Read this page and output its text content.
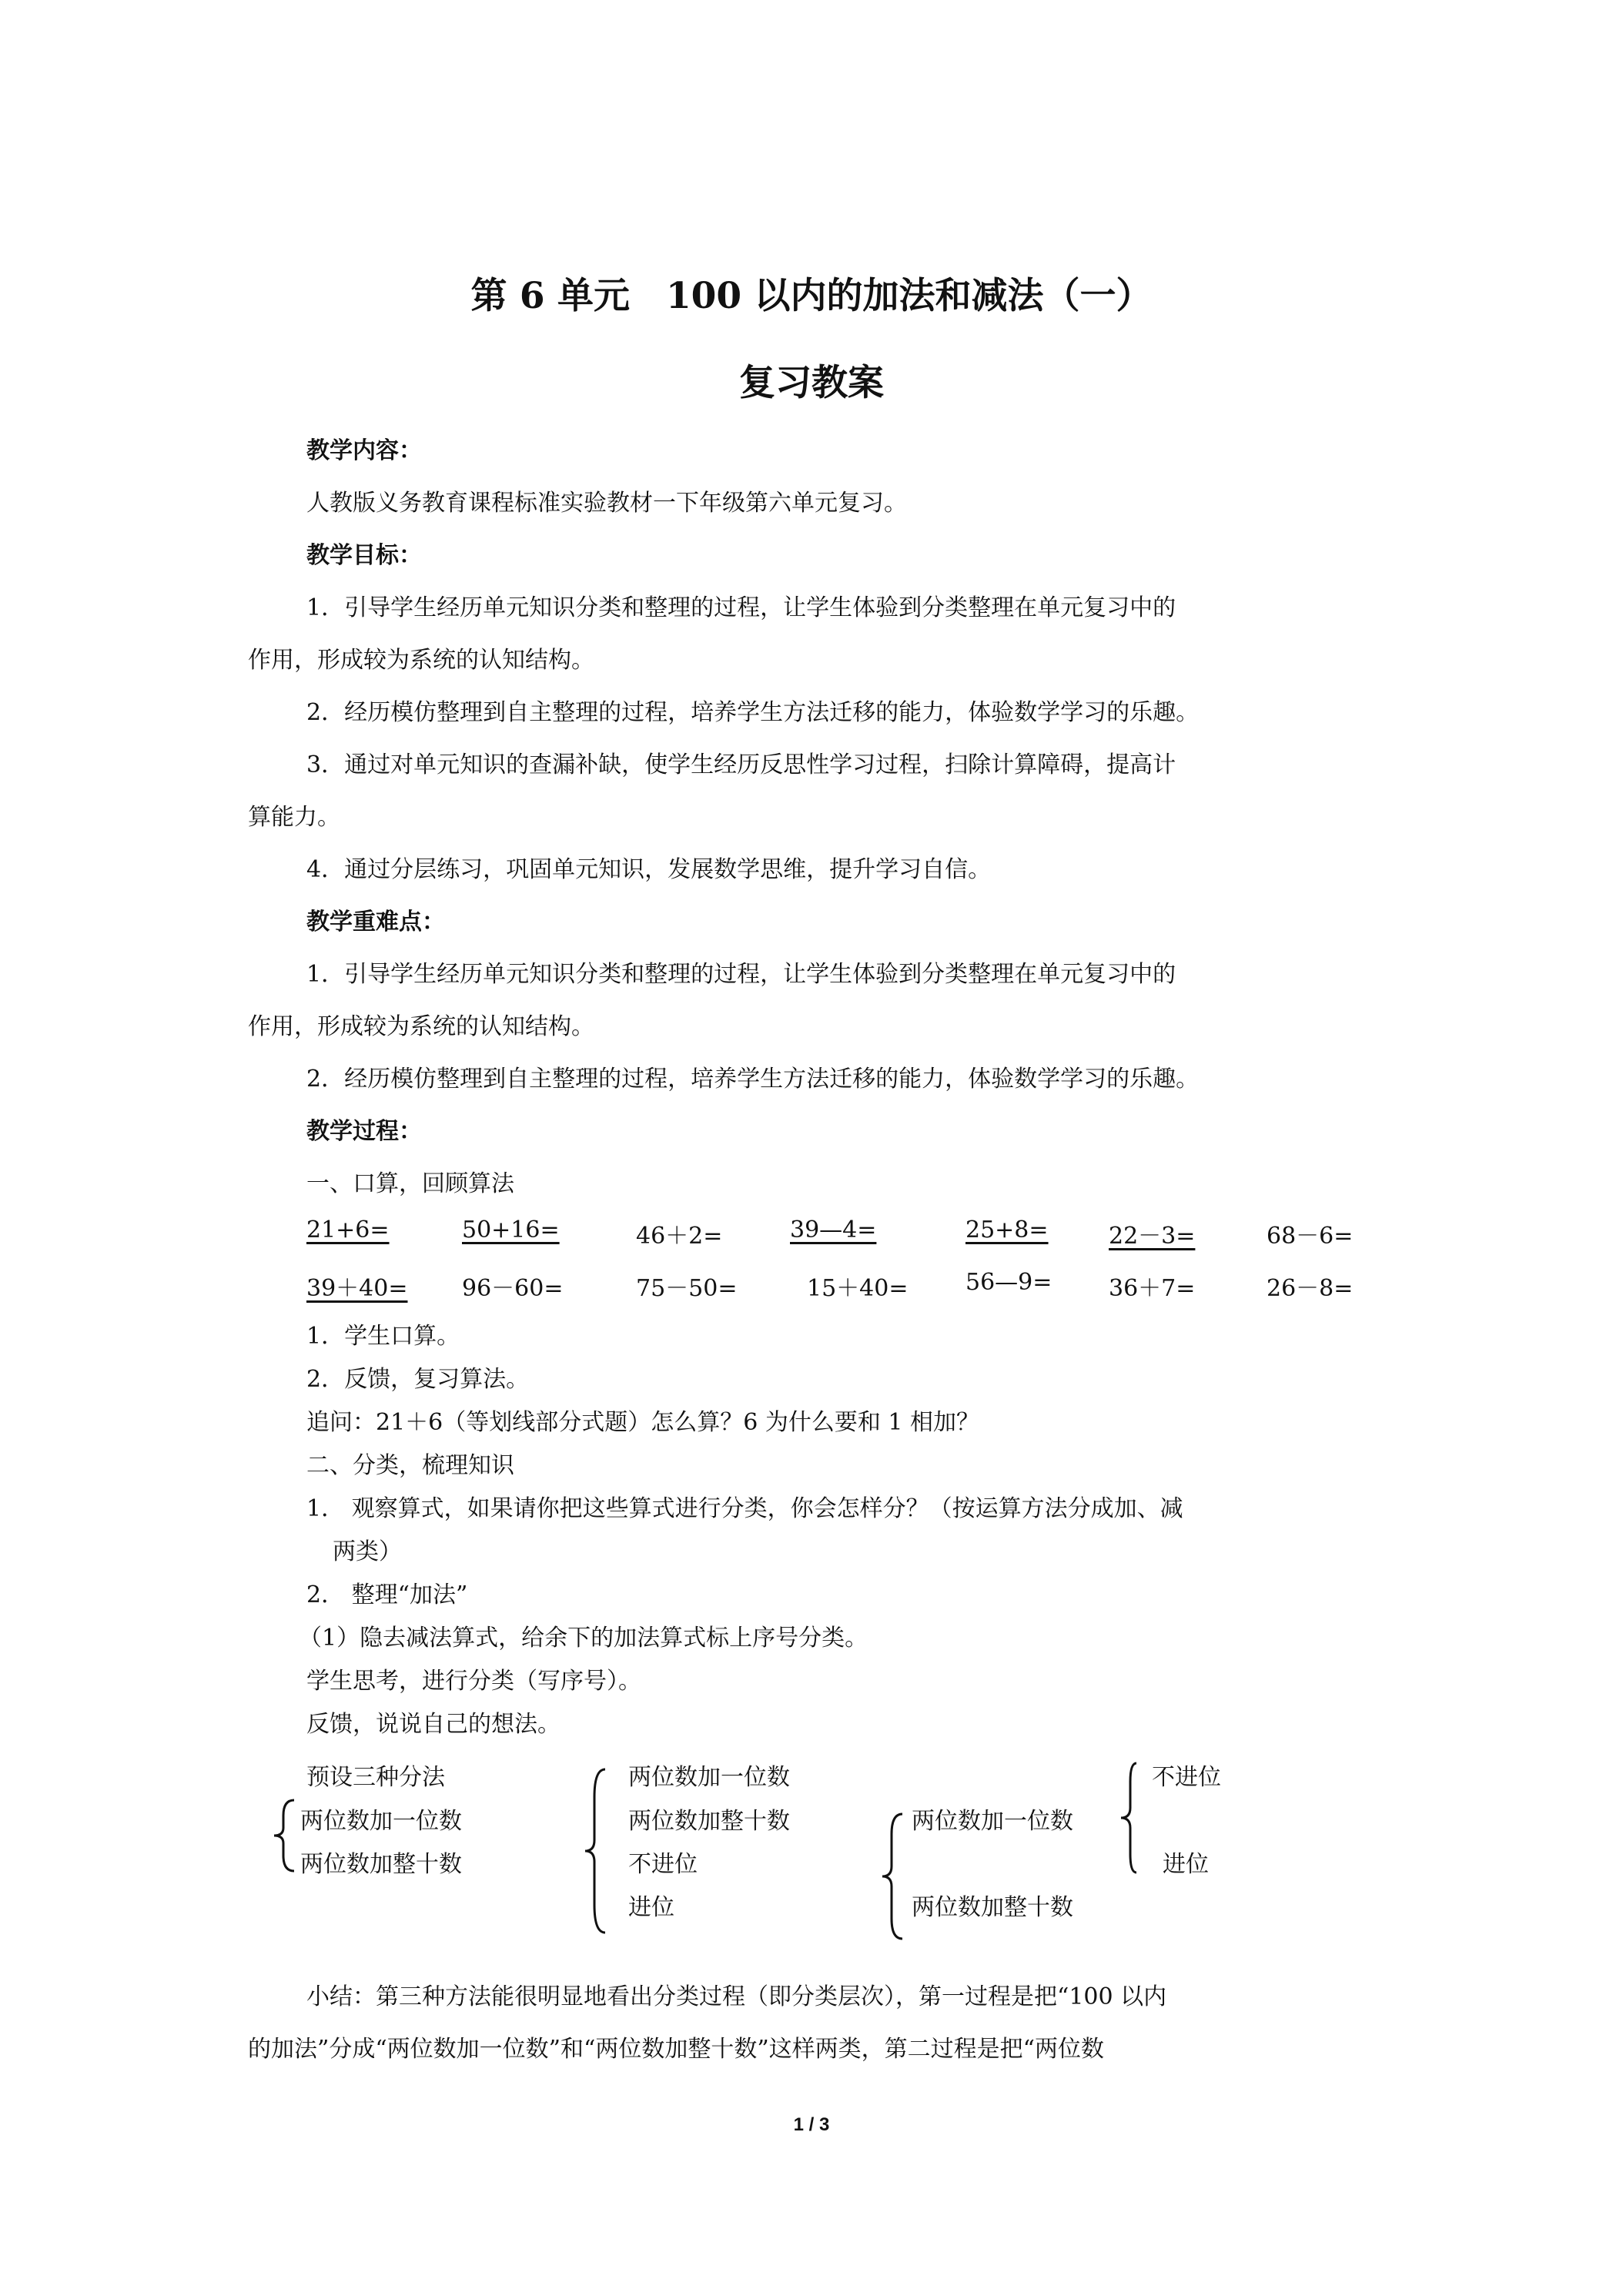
第 6 单元　100 以内的加法和减法（一）
复习教案
教学内容：
人教版义务教育课程标准实验教材一下年级第六单元复习。
教学目标：
1．引导学生经历单元知识分类和整理的过程，让学生体验到分类整理在单元复习中的
作用，形成较为系统的认知结构。
2．经历模仿整理到自主整理的过程，培养学生方法迁移的能力，体验数学学习的乐趣。
3．通过对单元知识的查漏补缺，使学生经历反思性学习过程，扫除计算障碍，提高计
算能力。
4．通过分层练习，巩固单元知识，发展数学思维，提升学习自信。
教学重难点：
1．引导学生经历单元知识分类和整理的过程，让学生体验到分类整理在单元复习中的
作用，形成较为系统的认知结构。
2．经历模仿整理到自主整理的过程，培养学生方法迁移的能力，体验数学学习的乐趣。
教学过程：
一、口算，回顾算法
21+6=	50+16=	46＋2=	39—4=	25+8=	22－3=	68－6=
39＋40= 96－60=	75－50=	15＋40= 56—9= 36＋7=	26－8=
1．学生口算。
2．反馈，复习算法。
追问：21＋6（等划线部分式题）怎么算？6 为什么要和 1 相加？
二、分类，梳理知识
1． 观察算式，如果请你把这些算式进行分类，你会怎样分？（按运算方法分成加、减
两类）
2． 整理“加法”
（1）隐去减法算式，给余下的加法算式标上序号分类。
学生思考，进行分类（写序号）。
反馈，说说自己的想法。
预设三种分法
两位数加一位数
两位数加整十数
两位数加一位数
两位数加整十数
不进位
进位
两位数加一位数
不进位
进位
两位数加整十数
小结：第三种方法能很明显地看出分类过程（即分类层次），第一过程是把“100 以内
的加法”分成“两位数加一位数”和“两位数加整十数”这样两类，第二过程是把“两位数
1 / 3
